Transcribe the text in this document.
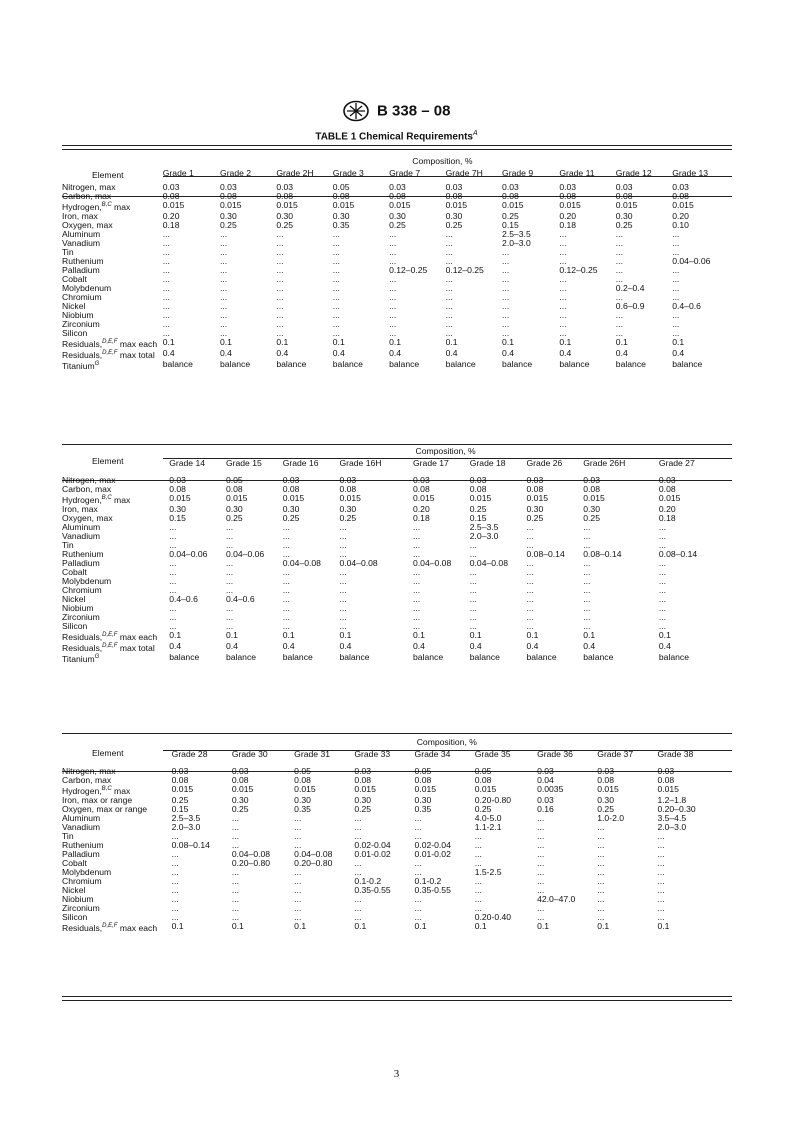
B 338 – 08
TABLE 1 Chemical Requirements$^A$
Element
	Composition, %									
	Grade 1	Grade 2	Grade 2H	Grade 3	Grade 7	Grade 7H	Grade 9	Grade 11	Grade 12	Grade 13

Nitrogen, max	0.03	0.03	0.03	0.05	0.03	0.03	0.03	0.03	0.03	0.03
Carbon, max	0.08	0.08	0.08	0.08	0.08	0.08	0.08	0.08	0.08	0.08
Hydrogen,$^{B,C}$ max	0.015	0.015	0.015	0.015	0.015	0.015	0.015	0.015	0.015	0.015
Iron, max	0.20	0.30	0.30	0.30	0.30	0.30	0.25	0.20	0.30	0.20
Oxygen, max	0.18	0.25	0.25	0.35	0.25	0.25	0.15	0.18	0.25	0.10
Aluminum	...	...	...	...	...	...	2.5–3.5	...	...	...
Vanadium	...	...	...	...	...	...	2.0–3.0	...	...	...
Tin	...	...	...	...	...	...	...	...	...	...
Ruthenium	...	...	...	...	...	...	...	...	...	0.04–0.06
Palladium	...	...	...	...	0.12–0.25	0.12–0.25	...	0.12–0.25	...	...
Cobalt	...	...	...	...	...	...	...	...	...	...
Molybdenum	...	...	...	...	...	...	...	...	0.2–0.4	...
Chromium	...	...	...	...	...	...	...	...	...	...
Nickel	...	...	...	...	...	...	...	...	0.6–0.9	0.4–0.6
Niobium	...	...	...	...	...	...	...	...	...	...
Zirconium	...	...	...	...	...	...	...	...	...	...
Silicon	...	...	...	...	...	...	...	...	...	...
Residuals,$^{D,E,F}$ max each	0.1	0.1	0.1	0.1	0.1	0.1	0.1	0.1	0.1	0.1
Residuals,$^{D,E,F}$ max total	0.4	0.4	0.4	0.4	0.4	0.4	0.4	0.4	0.4	0.4
Titanium$^G$	balance	balance	balance	balance	balance	balance	balance	balance	balance	balance
Element
	Composition, %								
	Grade 14	Grade 15	Grade 16	Grade 16H	Grade 17	Grade 18	Grade 26	Grade 26H	Grade 27

Nitrogen, max	0.03	0.05	0.03	0.03	0.03	0.03	0.03	0.03	0.03
Carbon, max	0.08	0.08	0.08	0.08	0.08	0.08	0.08	0.08	0.08
Hydrogen,$^{B,C}$ max	0.015	0.015	0.015	0.015	0.015	0.015	0.015	0.015	0.015
Iron, max	0.30	0.30	0.30	0.30	0.20	0.25	0.30	0.30	0.20
Oxygen, max	0.15	0.25	0.25	0.25	0.18	0.15	0.25	0.25	0.18
Aluminum	...	...	...	...	...	2.5–3.5	...	...	...
Vanadium	...	...	...	...	...	2.0–3.0	...	...	...
Tin	...	...	...	...	...	...	...	...	...
Ruthenium	0.04–0.06	0.04–0.06	...	...	...	...	0.08–0.14	0.08–0.14	0.08–0.14
Palladium	...	...	0.04–0.08	0.04–0.08	0.04–0.08	0.04–0.08	...	...	...
Cobalt	...	...	...	...	...	...	...	...	...
Molybdenum	...	...	...	...	...	...	...	...	...
Chromium	...	...	...	...	...	...	...	...	...
Nickel	0.4–0.6	0.4–0.6	...	...	...	...	...	...	...
Niobium	...	...	...	...	...	...	...	...	...
Zirconium	...	...	...	...	...	...	...	...	...
Silicon	...	...	...	...	...	...	...	...	...
Residuals,$^{D,E,F}$ max each	0.1	0.1	0.1	0.1	0.1	0.1	0.1	0.1	0.1
Residuals,$^{D,E,F}$ max total	0.4	0.4	0.4	0.4	0.4	0.4	0.4	0.4	0.4
Titanium$^G$	balance	balance	balance	balance	balance	balance	balance	balance	balance
Element
	Composition, %								
	Grade 28	Grade 30	Grade 31	Grade 33	Grade 34	Grade 35	Grade 36	Grade 37	Grade 38

Nitrogen, max	0.03	0.03	0.05	0.03	0.05	0.05	0.03	0.03	0.03
Carbon, max	0.08	0.08	0.08	0.08	0.08	0.08	0.04	0.08	0.08
Hydrogen,$^{B,C}$ max	0.015	0.015	0.015	0.015	0.015	0.015	0.0035	0.015	0.015
Iron, max or range	0.25	0.30	0.30	0.30	0.30	0.20-0.80	0.03	0.30	1.2–1.8
Oxygen, max or range	0.15	0.25	0.35	0.25	0.35	0.25	0.16	0.25	0.20–0.30
Aluminum	2.5–3.5	...	...	...	...	4.0-5.0	...	1.0-2.0	3.5–4.5
Vanadium	2.0–3.0	...	...	...	...	1.1-2.1	...	...	2.0–3.0
Tin	...	...	...	...	...	...	...	...	...
Ruthenium	0.08–0.14	...	...	0.02-0.04	0.02-0.04	...	...	...	...
Palladium	...	0.04–0.08	0.04–0.08	0.01-0.02	0.01-0.02	...	...	...	...
Cobalt	...	0.20–0.80	0.20–0.80	...	...	...	...	...	...
Molybdenum	...	...	...	...	...	1.5-2.5	...	...	...
Chromium	...	...	...	0.1-0.2	0.1-0.2	...	...	...	...
Nickel	...	...	...	0.35-0.55	0.35-0.55	...	...	...	...
Niobium	...	...	...	...	...	...	42.0–47.0	...	...
Zirconium	...	...	...	...	...	...	...	...	...
Silicon	...	...	...	...	...	0.20-0.40	...	...	...
Residuals,$^{D,E,F}$ max each	0.1	0.1	0.1	0.1	0.1	0.1	0.1	0.1	0.1
3
